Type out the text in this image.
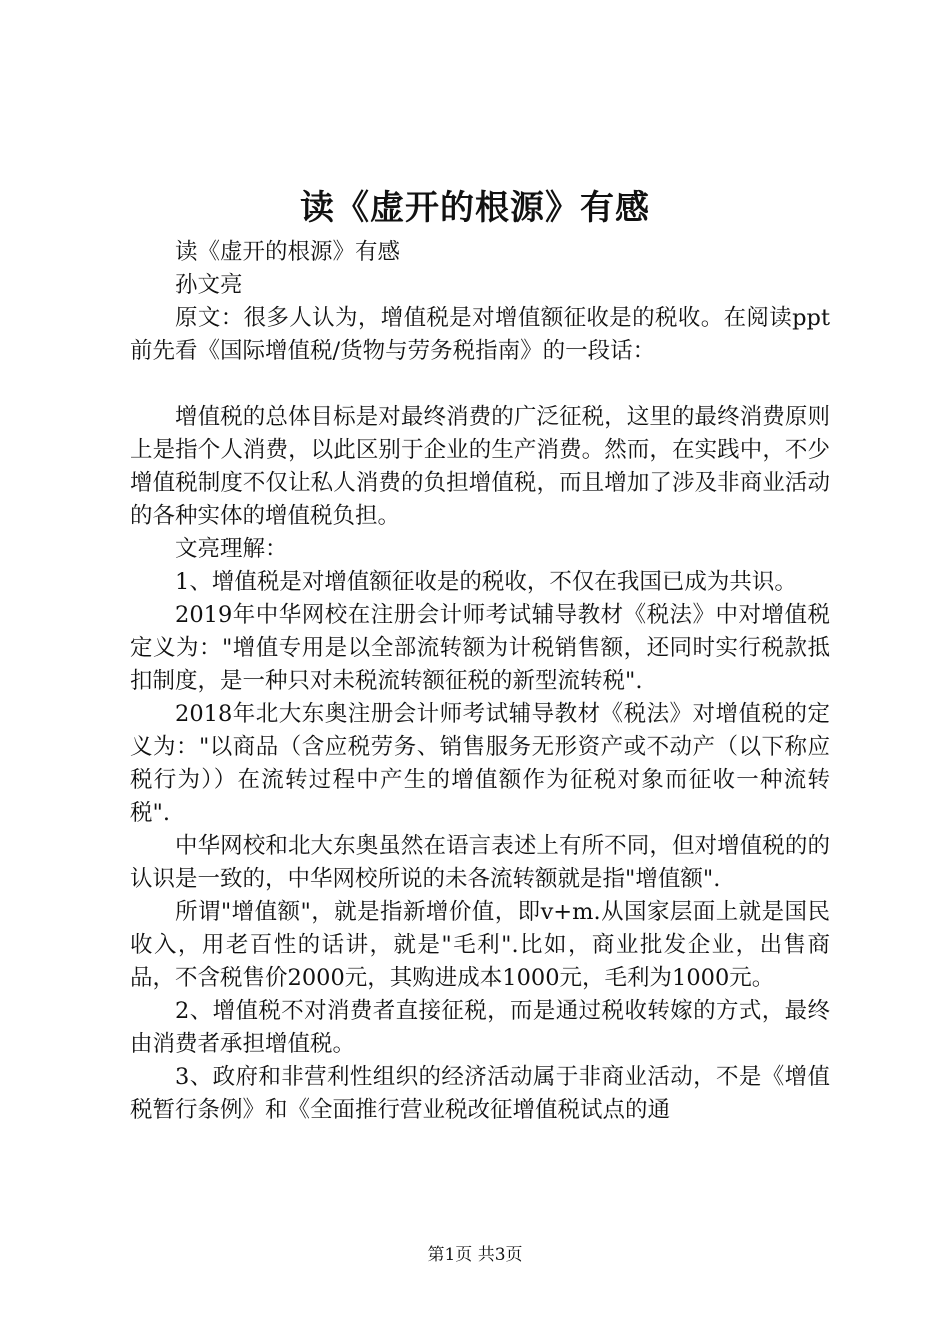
读《虚开的根源》有感

读《虚开的根源》有感

孙文亮

原文：很多人认为，增值税是对增值额征收是的税收。在阅读ppt前先看《国际增值税/货物与劳务税指南》的一段话：

增值税的总体目标是对最终消费的广泛征税，这里的最终消费原则上是指个人消费，以此区别于企业的生产消费。然而，在实践中，不少增值税制度不仅让私人消费的负担增值税，而且增加了涉及非商业活动的各种实体的增值税负担。

文亮理解：

1、增值税是对增值额征收是的税收，不仅在我国已成为共识。

2019年中华网校在注册会计师考试辅导教材《税法》中对增值税定义为："增值专用是以全部流转额为计税销售额，还同时实行税款抵扣制度，是一种只对未税流转额征税的新型流转税".

2018年北大东奥注册会计师考试辅导教材《税法》对增值税的定义为："以商品（含应税劳务、销售服务无形资产或不动产（以下称应税行为））在流转过程中产生的增值额作为征税对象而征收一种流转税".

中华网校和北大东奥虽然在语言表述上有所不同，但对增值税的的认识是一致的，中华网校所说的未各流转额就是指"增值额".

所谓"增值额"，就是指新增价值，即v+m.从国家层面上就是国民收入，用老百性的话讲，就是"毛利".比如，商业批发企业，出售商品，不含税售价2000元，其购进成本1000元，毛利为1000元。

2、增值税不对消费者直接征税，而是通过税收转嫁的方式，最终由消费者承担增值税。

3、政府和非营利性组织的经济活动属于非商业活动，不是《增值税暂行条例》和《全面推行营业税改征增值税试点的通

第1页 共3页
